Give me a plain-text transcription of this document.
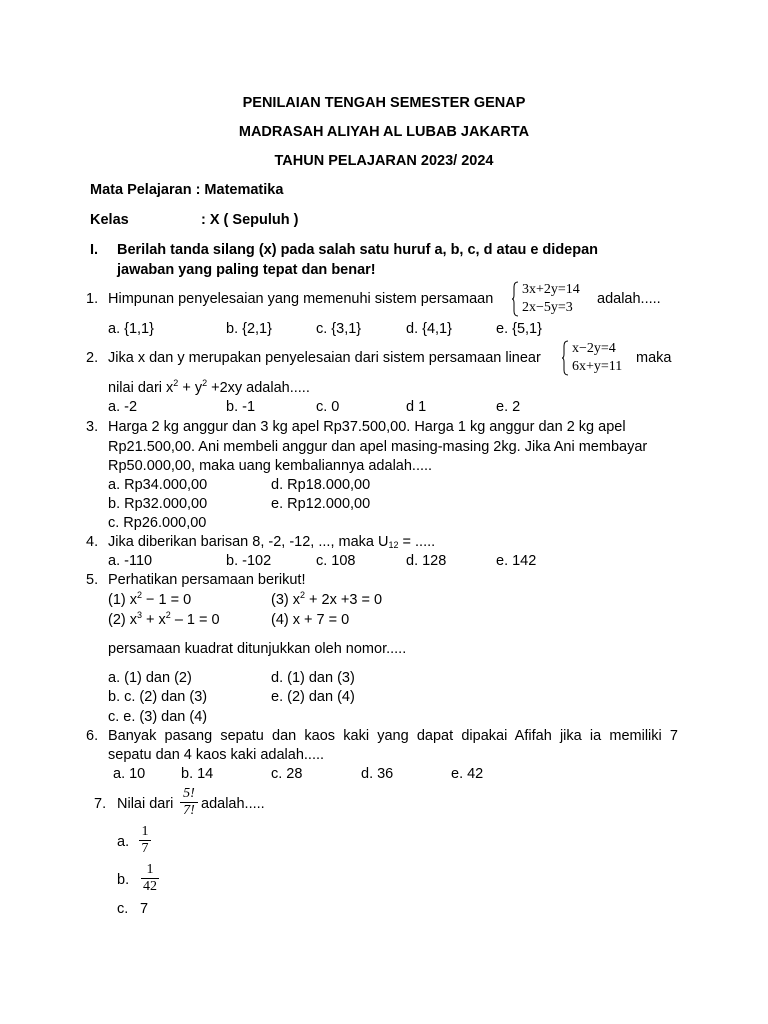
PENILAIAN TENGAH SEMESTER GENAP
MADRASAH ALIYAH AL LUBAB JAKARTA
TAHUN PELAJARAN 2023/ 2024
Mata Pelajaran : Matematika
Kelas	: X ( Sepuluh )
I. Berilah tanda silang (x) pada salah satu huruf a, b, c, d atau e didepan
jawaban yang paling tepat dan benar!
1. Himpunan penyelesaian yang memenuhi sistem persamaan
3x+2y=14
2x−5y=3
adalah.....
a. {1,1}	b. {2,1}	c. {3,1}	d. {4,1}	e. {5,1}
2. Jika x dan y merupakan penyelesaian dari sistem persamaan linear
x−2y=4
6x+y=11
maka
nilai dari $x^2 + y^2 +2xy$ adalah.....
a. -2	b. -1	c. 0	d 1	e. 2
3. Harga 2 kg anggur dan 3 kg apel Rp37.500,00. Harga 1 kg anggur dan 2 kg apel
Rp21.500,00. Ani membeli anggur dan apel masing-masing 2kg. Jika Ani membayar
Rp50.000,00, maka uang kembaliannya adalah.....
a. Rp34.000,00	d. Rp18.000,00
b. Rp32.000,00	e. Rp12.000,00
c. Rp26.000,00
4. Jika diberikan barisan 8, -2, -12, ..., maka $U_{12}$ = .....
a. -110	b. -102	c. 108	d. 128	e. 142
5. Perhatikan persamaan berikut!
(1) $x^2 - 1 = 0$	(3) $x^2 + 2x +3 = 0$
(2) $x^3 + x^2 - 1 = 0$	(4) x + 7 = 0
persamaan kuadrat ditunjukkan oleh nomor.....
a. (1) dan (2)	d. (1) dan (3)
b. c. (2) dan (3)	e. (2) dan (4)
c. e. (3) dan (4)
6. Banyak pasang sepatu dan kaos kaki yang dapat dipakai Afifah jika ia memiliki 7
sepatu dan 4 kaos kaki adalah.....
a. 10 b. 14	c. 28	d. 36	e. 42
7. Nilai dari $\frac{5!}{7!}$ adalah.....
a. $\frac{1}{7}$
b. $\frac{1}{42}$
c. 7
